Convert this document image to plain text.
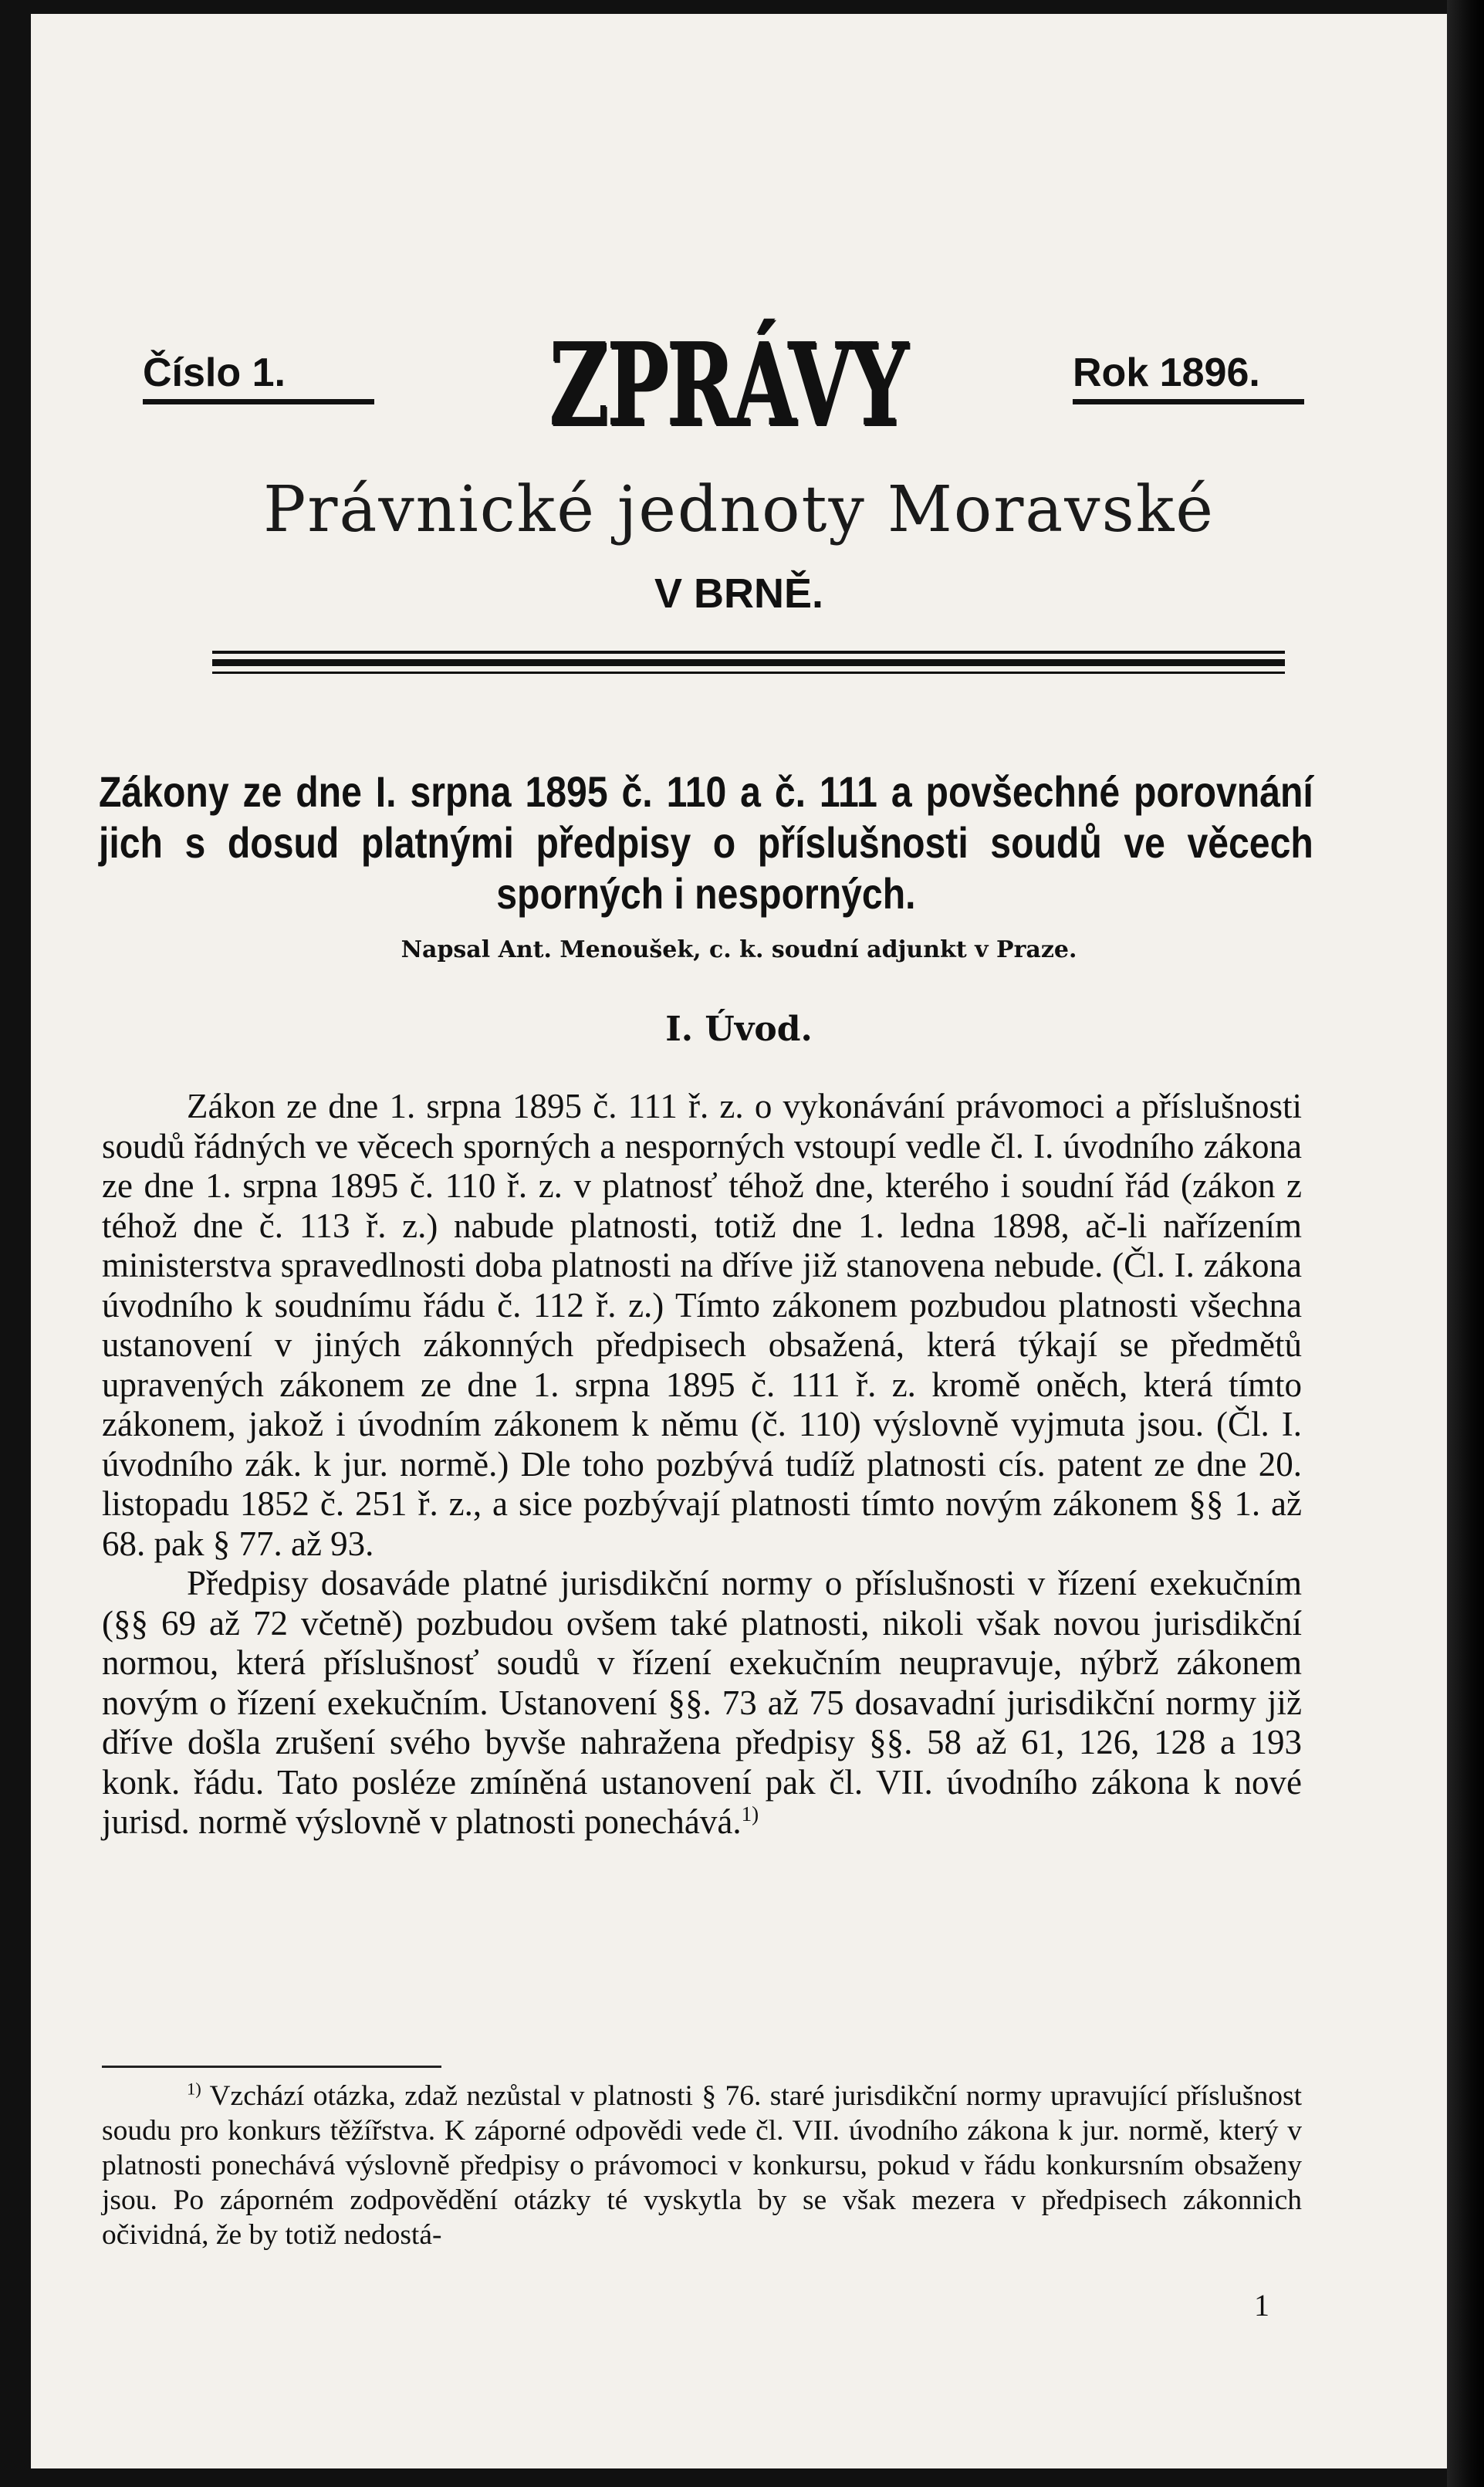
Číslo 1.	ZPRÁVY	Rok 1896.
Právnické jednoty Moravské
V BRNĚ.
Zákony ze dne I. srpna 1895 č. 110 a č. 111 a povšechné porovnání jich s dosud platnými předpisy o příslušnosti soudů ve věcech sporných i nesporných.
Napsal Ant. Menoušek, c. k. soudní adjunkt v Praze.
I. Úvod.

Zákon ze dne 1. srpna 1895 č. 111 ř. z. o vykonávání právomoci a příslušnosti soudů řádných ve věcech sporných a nesporných vstoupí vedle čl. I. úvodního zákona ze dne 1. srpna 1895 č. 110 ř. z. v platnosť téhož dne, kterého i soudní řád (zákon z téhož dne č. 113 ř. z.) nabude platnosti, totiž dne 1. ledna 1898, ač-li nařízením ministerstva spravedlnosti doba platnosti na dříve již stanovena nebude. (Čl. I. zákona úvodního k soudnímu řádu č. 112 ř. z.) Tímto zákonem pozbudou platnosti všechna ustanovení v jiných zákonných předpisech obsažená, která týkají se předmětů upravených zákonem ze dne 1. srpna 1895 č. 111 ř. z. kromě oněch, která tímto zákonem, jakož i úvodním zákonem k němu (č. 110) výslovně vyjmuta jsou. (Čl. I. úvodního zák. k jur. normě.) Dle toho pozbývá tudíž platnosti cís. patent ze dne 20. listopadu 1852 č. 251 ř. z., a sice pozbývají platnosti tímto novým zákonem §§ 1. až 68. pak § 77. až 93.

Předpisy dosaváde platné jurisdikční normy o příslušnosti v řízení exekučním (§§ 69 až 72 včetně) pozbudou ovšem také platnosti, nikoli však novou jurisdikční normou, která příslušnosť soudů v řízení exekučním neupravuje, nýbrž zákonem novým o řízení exekučním. Ustanovení §§. 73 až 75 dosavadní jurisdikční normy již dříve došla zrušení svého byvše nahražena předpisy §§. 58 až 61, 126, 128 a 193 konk. řádu. Tato posléze zmíněná ustanovení pak čl. VII. úvodního zákona k nové jurisd. normě výslovně v platnosti ponechává.$^{1)}$

$^{1)}$ Vzchází otázka, zdaž nezůstal v platnosti § 76. staré jurisdikční normy upravující příslušnost soudu pro konkurs těžířstva. K záporné odpovědi vede čl. VII. úvodního zákona k jur. normě, který v platnosti ponechává výslovně předpisy o právomoci v konkursu, pokud v řádu konkursním obsaženy jsou. Po záporném zodpovědění otázky té vyskytla by se však mezera v předpisech zákonnich očividná, že by totiž nedostá-
1
